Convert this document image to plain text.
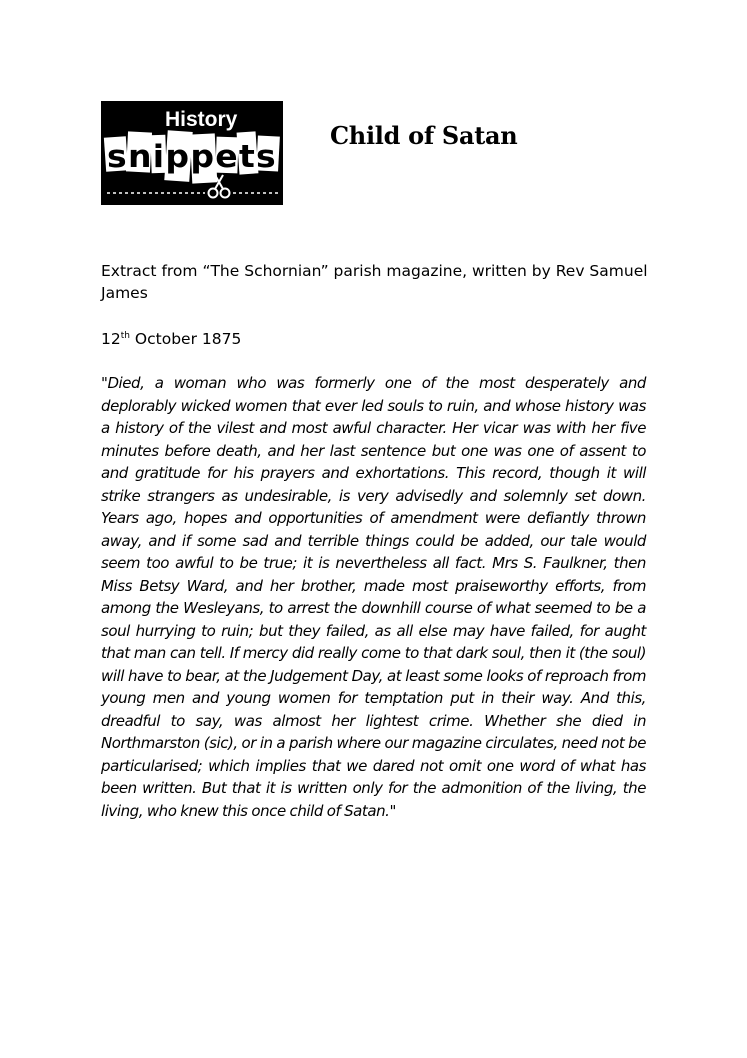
History
snippets
Child of Satan
Extract from “The Schornian” parish magazine, written by Rev Samuel James
12th October 1875
"Died, a woman who was formerly one of the most desperately and deplorably wicked women that ever led souls to ruin, and whose history was a history of the vilest and most awful character. Her vicar was with her five minutes before death, and her last sentence but one was one of assent to and gratitude for his prayers and exhortations. This record, though it will strike strangers as undesirable, is very advisedly and solemnly set down. Years ago, hopes and opportunities of amendment were defiantly thrown away, and if some sad and terrible things could be added, our tale would seem too awful to be true; it is nevertheless all fact. Mrs S. Faulkner, then Miss Betsy Ward, and her brother, made most praiseworthy efforts, from among the Wesleyans, to arrest the downhill course of what seemed to be a soul hurrying to ruin; but they failed, as all else may have failed, for aught that man can tell. If mercy did really come to that dark soul, then it (the soul) will have to bear, at the Judgement Day, at least some looks of reproach from young men and young women for temptation put in their way. And this, dreadful to say, was almost her lightest crime. Whether she died in Northmarston (sic), or in a parish where our magazine circulates, need not be particularised; which implies that we dared not omit one word of what has been written. But that it is written only for the admonition of the living, the living, who knew this once child of Satan."
